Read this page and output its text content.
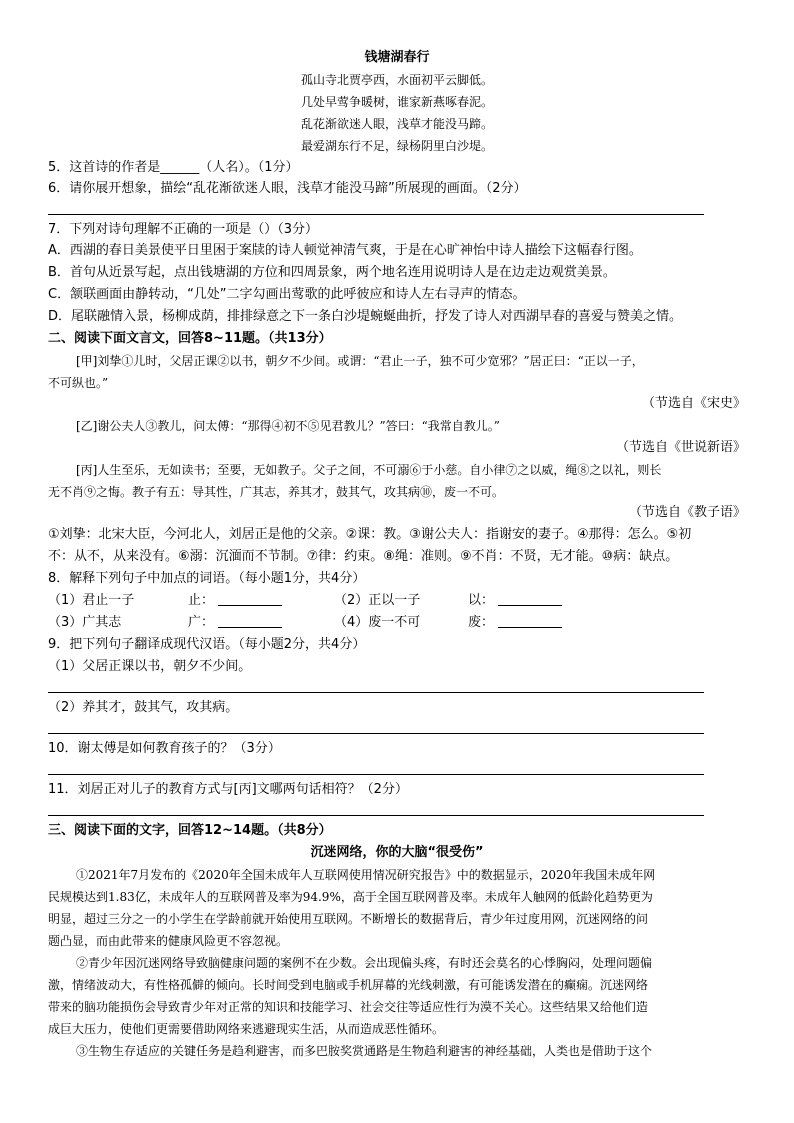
钱塘湖春行
孤山寺北贾亭西，水面初平云脚低。
几处早莺争暖树，谁家新燕啄春泥。
乱花渐欲迷人眼，浅草才能没马蹄。
最爱湖东行不足，绿杨阴里白沙堤。
5．这首诗的作者是______（人名）。（1分）
6．请你展开想象，描绘“乱花渐欲迷人眼，浅草才能没马蹄”所展现的画面。（2分）
7．下列对诗句理解不正确的一项是（）（3分）
A．西湖的春日美景使平日里困于案牍的诗人顿觉神清气爽，于是在心旷神怡中诗人描绘下这幅春行图。
B．首句从近景写起，点出钱塘湖的方位和四周景象，两个地名连用说明诗人是在边走边观赏美景。
C．颔联画面由静转动，“几处”二字勾画出莺歌的此呼彼应和诗人左右寻声的情态。
D．尾联融情入景，杨柳成荫，排排绿意之下一条白沙堤蜿蜒曲折，抒发了诗人对西湖早春的喜爱与赞美之情。
二、阅读下面文言文，回答8~11题。（共13分）
[甲]刘挚①儿时，父居正课②以书，朝夕不少间。或谓：“君止一子，独不可少宽邪？”居正曰：“正以一子，
不可纵也。”
（节选自《宋史》
[乙]谢公夫人③教儿，问太傅：“那得④初不⑤见君教儿？”答曰：“我常自教儿。”
（节选自《世说新语》
[丙]人生至乐，无如读书；至要，无如教子。父子之间，不可溺⑥于小慈。自小律⑦之以威，绳⑧之以礼，则长
无不肖⑨之悔。教子有五：导其性，广其志，养其才，鼓其气，攻其病⑩，废一不可。
（节选自《教子语》
①刘挚：北宋大臣，今河北人，刘居正是他的父亲。②课：教。③谢公夫人：指谢安的妻子。④那得：怎么。⑤初
不：从不，从来没有。⑥溺：沉湎而不节制。⑦律：约束。⑧绳：准则。⑨不肖：不贤，无才能。⑩病：缺点。
8．解释下列句子中加点的词语。（每小题1分，共4分）
（1）君止一子	止：	（2）正以一子	以：
（3）广其志	广：	（4）废一不可	废：
9．把下列句子翻译成现代汉语。（每小题2分，共4分）
（1）父居正课以书，朝夕不少间。
（2）养其才，鼓其气，攻其病。
10．谢太傅是如何教育孩子的？（3分）
11．刘居正对儿子的教育方式与[丙]文哪两句话相符？（2分）
三、阅读下面的文字，回答12~14题。（共8分）
沉迷网络，你的大脑“很受伤”
①2021年7月发布的《2020年全国未成年人互联网使用情况研究报告》中的数据显示，2020年我国未成年网
民规模达到1.83亿，未成年人的互联网普及率为94.9%，高于全国互联网普及率。未成年人触网的低龄化趋势更为
明显，超过三分之一的小学生在学龄前就开始使用互联网。不断增长的数据背后，青少年过度用网，沉迷网络的问
题凸显，而由此带来的健康风险更不容忽视。
②青少年因沉迷网络导致脑健康问题的案例不在少数。会出现偏头疼，有时还会莫名的心悸胸闷，处理问题偏
激，情绪波动大，有性格孤僻的倾向。长时间受到电脑或手机屏幕的光线刺激，有可能诱发潜在的癫痫。沉迷网络
带来的脑功能损伤会导致青少年对正常的知识和技能学习、社会交往等适应性行为漠不关心。这些结果又给他们造
成巨大压力，使他们更需要借助网络来逃避现实生活，从而造成恶性循环。
③生物生存适应的关键任务是趋利避害，而多巴胺奖赏通路是生物趋利避害的神经基础，人类也是借助于这个
